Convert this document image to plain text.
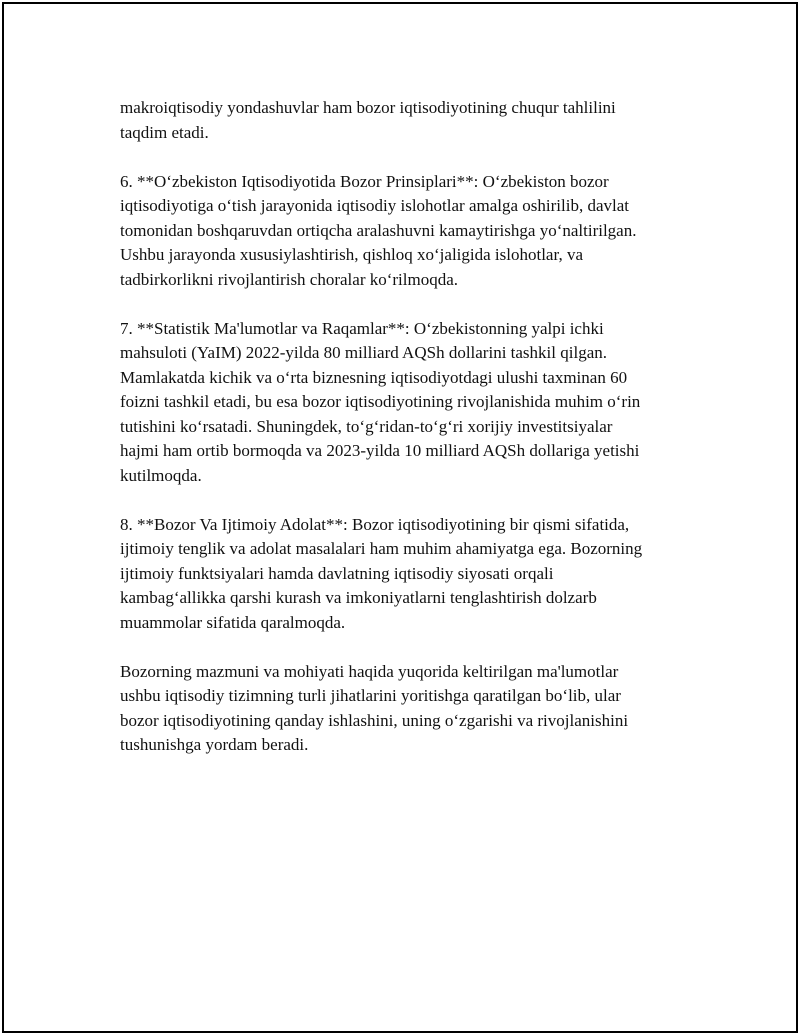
makroiqtisodiy yondashuvlar ham bozor iqtisodiyotining chuqur tahlilini
taqdim etadi.

6. **O‘zbekiston Iqtisodiyotida Bozor Prinsiplari**: O‘zbekiston bozor
iqtisodiyotiga o‘tish jarayonida iqtisodiy islohotlar amalga oshirilib, davlat
tomonidan boshqaruvdan ortiqcha aralashuvni kamaytirishga yo‘naltirilgan.
Ushbu jarayonda xususiylashtirish, qishloq xo‘jaligida islohotlar, va
tadbirkorlikni rivojlantirish choralar ko‘rilmoqda.

7. **Statistik Ma'lumotlar va Raqamlar**: O‘zbekistonning yalpi ichki
mahsuloti (YaIM) 2022-yilda 80 milliard AQSh dollarini tashkil qilgan.
Mamlakatda kichik va o‘rta biznesning iqtisodiyotdagi ulushi taxminan 60
foizni tashkil etadi, bu esa bozor iqtisodiyotining rivojlanishida muhim o‘rin
tutishini ko‘rsatadi. Shuningdek, to‘g‘ridan-to‘g‘ri xorijiy investitsiyalar
hajmi ham ortib bormoqda va 2023-yilda 10 milliard AQSh dollariga yetishi
kutilmoqda.

8. **Bozor Va Ijtimoiy Adolat**: Bozor iqtisodiyotining bir qismi sifatida,
ijtimoiy tenglik va adolat masalalari ham muhim ahamiyatga ega. Bozorning
ijtimoiy funktsiyalari hamda davlatning iqtisodiy siyosati orqali
kambag‘allikka qarshi kurash va imkoniyatlarni tenglashtirish dolzarb
muammolar sifatida qaralmoqda.

Bozorning mazmuni va mohiyati haqida yuqorida keltirilgan ma'lumotlar
ushbu iqtisodiy tizimning turli jihatlarini yoritishga qaratilgan bo‘lib, ular
bozor iqtisodiyotining qanday ishlashini, uning o‘zgarishi va rivojlanishini
tushunishga yordam beradi.
